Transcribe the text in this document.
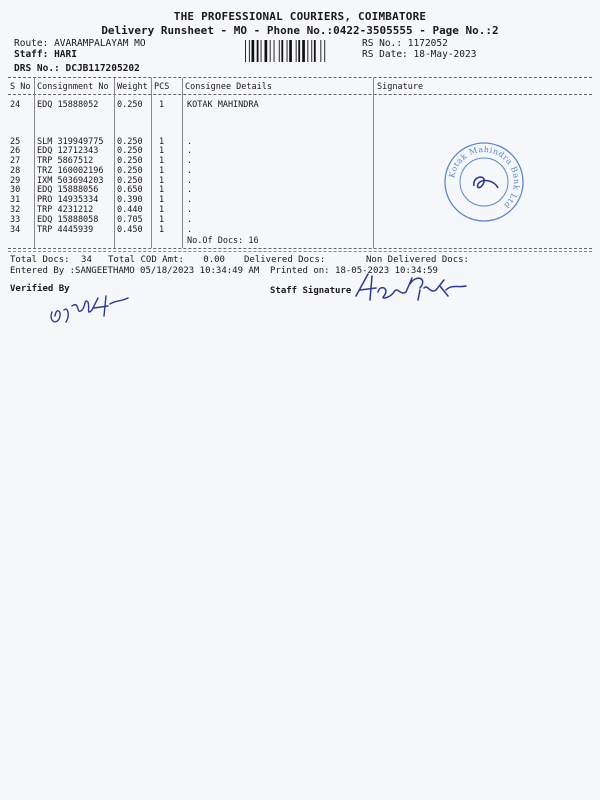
THE PROFESSIONAL COURIERS, COIMBATORE
Delivery Runsheet - MO - Phone No.:0422-3505555 - Page No.:2
Route: AVARAMPALAYAM MO
Staff: HARI
DRS No.: DCJB117205202
RS No.: 1172052
RS Date: 18-May-2023
S No Consignment No Weight PCS Consignee Details	Signature
24 EDQ 15888052 0.250 1	KOTAK MAHINDRA
25 SLM 319949775 0.250 1	.
26 EDQ 12712343 0.250 1	.
27 TRP 5867512	0.250 1	.
28 TRZ 160002196 0.250 1	.
29 IXM 503694203 0.250 1	.
30 EDQ 15888056 0.650 1	.
31 PRO 14935334 0.390 1	.
32 TRP 4231212	0.440 1	.
33 EDQ 15888058 0.705 1	.
34 TRP 4445939	0.450 1	.
No.Of Docs: 16
Kotak Mahindra Bank Ltd
Total Docs: 34 Total COD Amt: 0.00 Delivered Docs:	Non Delivered Docs:
Entered By :SANGEETHAMO 05/18/2023 10:34:49 AM Printed on: 18-05-2023 10:34:59
Verified By	Staff Signature
